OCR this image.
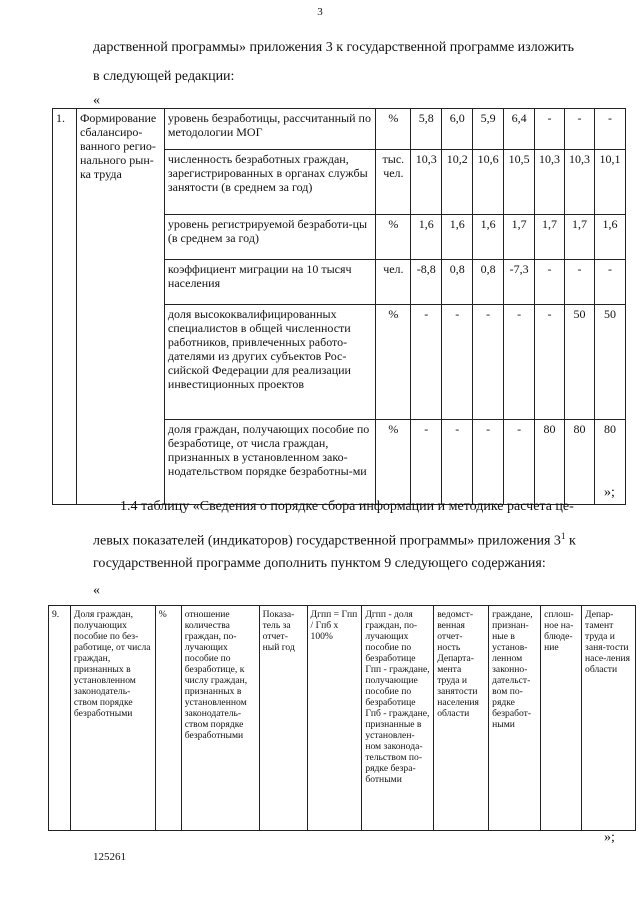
3
дарственной программы» приложения 3 к государственной программе изложить
в следующей редакции:
«
1.	Формирование сбалансиро-ванного регио-нального рын-ка труда	уровень безработицы, рассчитанный по методологии МОГ	%	5,8	6,0	5,9	6,4	-	-	-
		численность безработных граждан, зарегистрированных в органах службы занятости (в среднем за год)	тыс. чел.	10,3	10,2	10,6	10,5	10,3	10,3	10,1
		уровень регистрируемой безработи-цы (в среднем за год)	%	1,6	1,6	1,6	1,7	1,7	1,7	1,6
		коэффициент миграции на 10 тысяч населения	чел.	-8,8	0,8	0,8	-7,3	-	-	-
		доля высококвалифицированных специалистов в общей численности работников, привлеченных работо-дателями из других субъектов Рос-сийской Федерации для реализации инвестиционных проектов	%	-	-	-	-	-	50	50
		доля граждан, получающих пособие по безработице, от числа граждан, признанных в установленном зако-нодательством порядке безработны-ми	%	-	-	-	-	80	80	80
»;
1.4 таблицу «Сведения о порядке сбора информации и методике расчета це-
левых показателей (индикаторов) государственной программы» приложения $3^1$ к
государственной программе дополнить пунктом 9 следующего содержания:
«
9.	Доля граждан, получающих пособие по без-работице, от числа граждан, признанных в установленном законодатель-ством порядке безработными	%	отношение количества граждан, по-лучающих пособие по безработице, к числу граждан, признанных в установленном законодатель-ством порядке безработными	Показа-тель за отчет-ный год	Дгпп = Гпп / Гпб x 100%	Дгпп - доля граждан, по-лучающих пособие по безработице Гпп - граждане, получающие пособие по безработице Гпб - граждане, признанные в установлен-ном законода-тельством по-рядке безра-ботными	ведомст-венная отчет-ность Департа-мента труда и занятости населения области	граждане, признан-ные в установ-ленном законно-дательст-вом по-рядке безработ-ными	сплош-ное на-блюде-ние	Депар-тамент труда и заня-тости насе-ления области
»;
125261
